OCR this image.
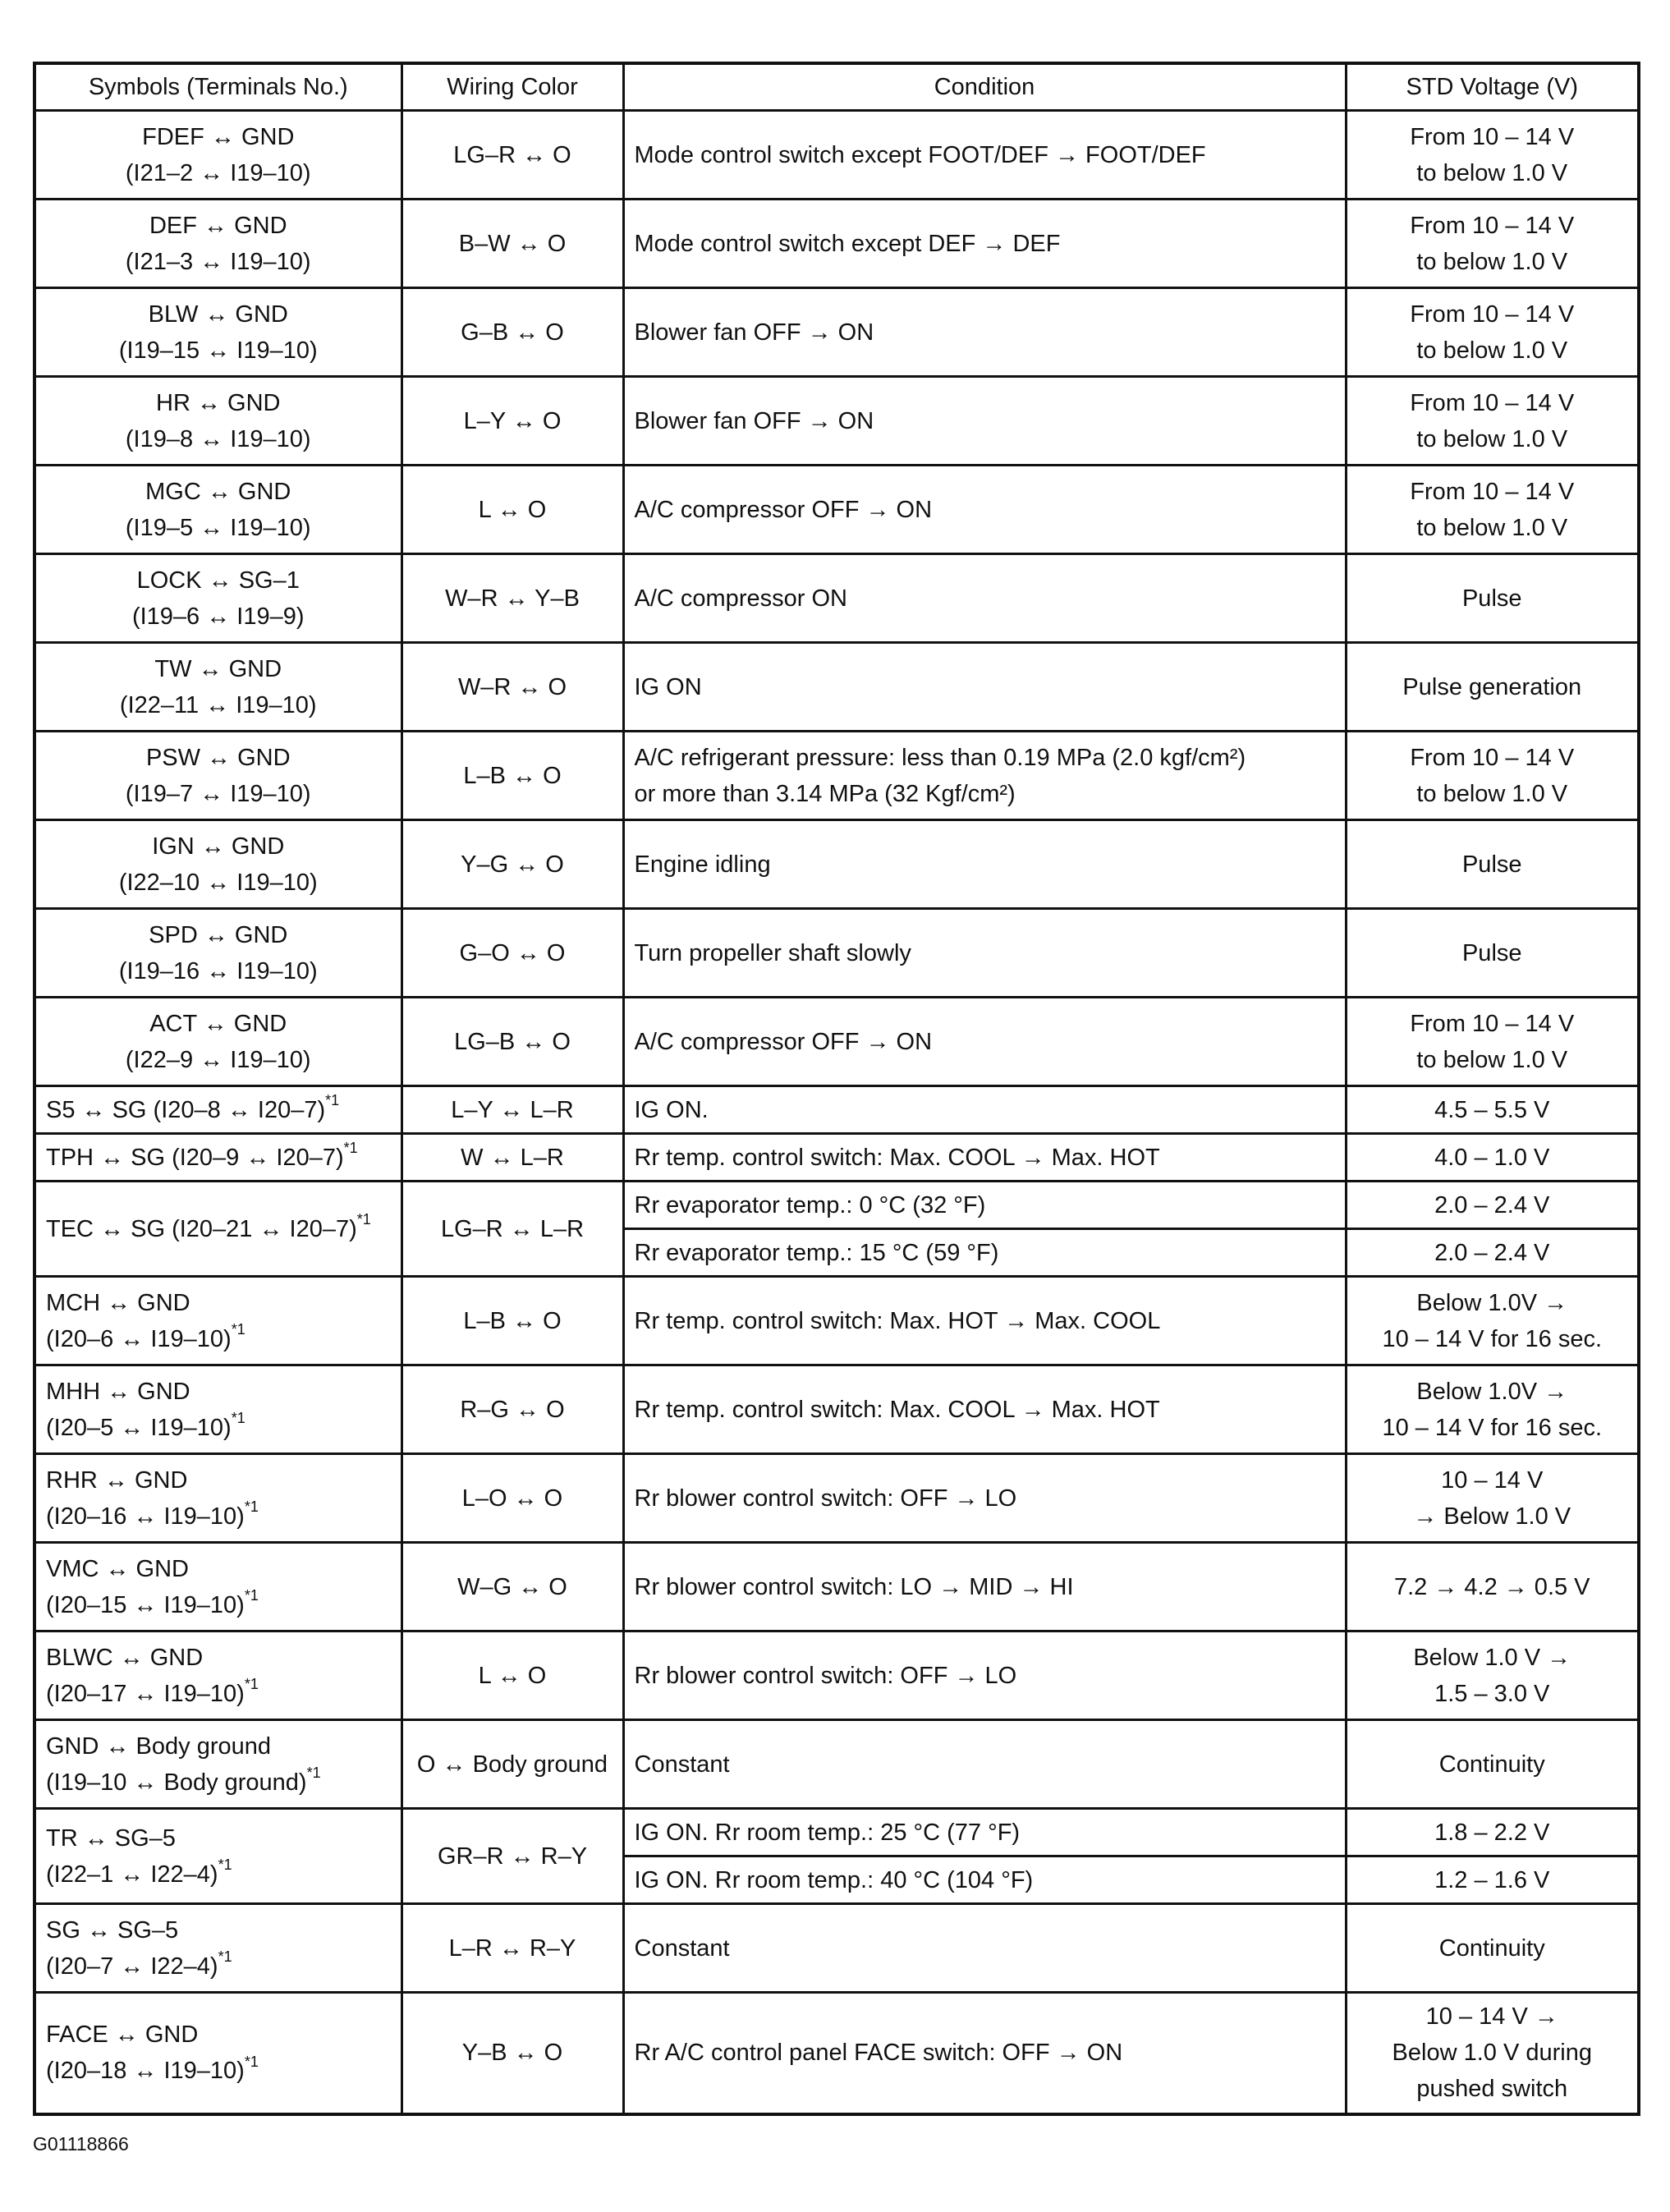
Symbols (Terminals No.)	Wiring Color	Condition	STD Voltage (V)

FDEF ↔ GND
(I21–2 ↔ I19–10)	LG–R ↔ O	Mode control switch except FOOT/DEF → FOOT/DEF	From 10 – 14 V
to below 1.0 V

DEF ↔ GND
(I21–3 ↔ I19–10)	B–W ↔ O	Mode control switch except DEF → DEF	From 10 – 14 V
to below 1.0 V

BLW ↔ GND
(I19–15 ↔ I19–10)	G–B ↔ O	Blower fan OFF → ON	From 10 – 14 V
to below 1.0 V

HR ↔ GND
(I19–8 ↔ I19–10)	L–Y ↔ O	Blower fan OFF → ON	From 10 – 14 V
to below 1.0 V

MGC ↔ GND
(I19–5 ↔ I19–10)	L ↔ O	A/C compressor OFF → ON	From 10 – 14 V
to below 1.0 V

LOCK ↔ SG–1
(I19–6 ↔ I19–9)	W–R ↔ Y–B	A/C compressor ON	Pulse

TW ↔ GND
(I22–11 ↔ I19–10)	W–R ↔ O	IG ON	Pulse generation

PSW ↔ GND
(I19–7 ↔ I19–10)	L–B ↔ O	A/C refrigerant pressure: less than 0.19 MPa (2.0 kgf/cm²)
or more than 3.14 MPa (32 Kgf/cm²)	From 10 – 14 V
to below 1.0 V

IGN ↔ GND
(I22–10 ↔ I19–10)	Y–G ↔ O	Engine idling	Pulse

SPD ↔ GND
(I19–16 ↔ I19–10)	G–O ↔ O	Turn propeller shaft slowly	Pulse

ACT ↔ GND
(I22–9 ↔ I19–10)	LG–B ↔ O	A/C compressor OFF → ON	From 10 – 14 V
to below 1.0 V

S5 ↔ SG (I20–8 ↔ I20–7)$^{*1}$	L–Y ↔ L–R	IG ON.	4.5 – 5.5 V

TPH ↔ SG (I20–9 ↔ I20–7)$^{*1}$	W ↔ L–R	Rr temp. control switch: Max. COOL → Max. HOT	4.0 – 1.0 V

TEC ↔ SG (I20–21 ↔ I20–7)$^{*1}$	LG–R ↔ L–R	Rr evaporator temp.: 0 °C (32 °F)	2.0 – 2.4 V

		Rr evaporator temp.: 15 °C (59 °F)	2.0 – 2.4 V

MCH ↔ GND
(I20–6 ↔ I19–10)$^{*1}$	L–B ↔ O	Rr temp. control switch: Max. HOT → Max. COOL	Below 1.0V →
10 – 14 V for 16 sec.

MHH ↔ GND
(I20–5 ↔ I19–10)$^{*1}$	R–G ↔ O	Rr temp. control switch: Max. COOL → Max. HOT	Below 1.0V →
10 – 14 V for 16 sec.

RHR ↔ GND
(I20–16 ↔ I19–10)$^{*1}$	L–O ↔ O	Rr blower control switch: OFF → LO	10 – 14 V
→ Below 1.0 V

VMC ↔ GND
(I20–15 ↔ I19–10)$^{*1}$	W–G ↔ O	Rr blower control switch: LO → MID → HI	7.2 → 4.2 → 0.5 V

BLWC ↔ GND
(I20–17 ↔ I19–10)$^{*1}$	L ↔ O	Rr blower control switch: OFF → LO	Below 1.0 V →
1.5 – 3.0 V

GND ↔ Body ground
(I19–10 ↔ Body ground)$^{*1}$	O ↔ Body ground	Constant	Continuity

TR ↔ SG–5
(I22–1 ↔ I22–4)$^{*1}$	GR–R ↔ R–Y	IG ON. Rr room temp.: 25 °C (77 °F)	1.8 – 2.2 V

		IG ON. Rr room temp.: 40 °C (104 °F)	1.2 – 1.6 V

SG ↔ SG–5
(I20–7 ↔ I22–4)$^{*1}$	L–R ↔ R–Y	Constant	Continuity

FACE ↔ GND
(I20–18 ↔ I19–10)$^{*1}$	Y–B ↔ O	Rr A/C control panel FACE switch: OFF → ON	10 – 14 V →
Below 1.0 V during
pushed switch
G01118866
